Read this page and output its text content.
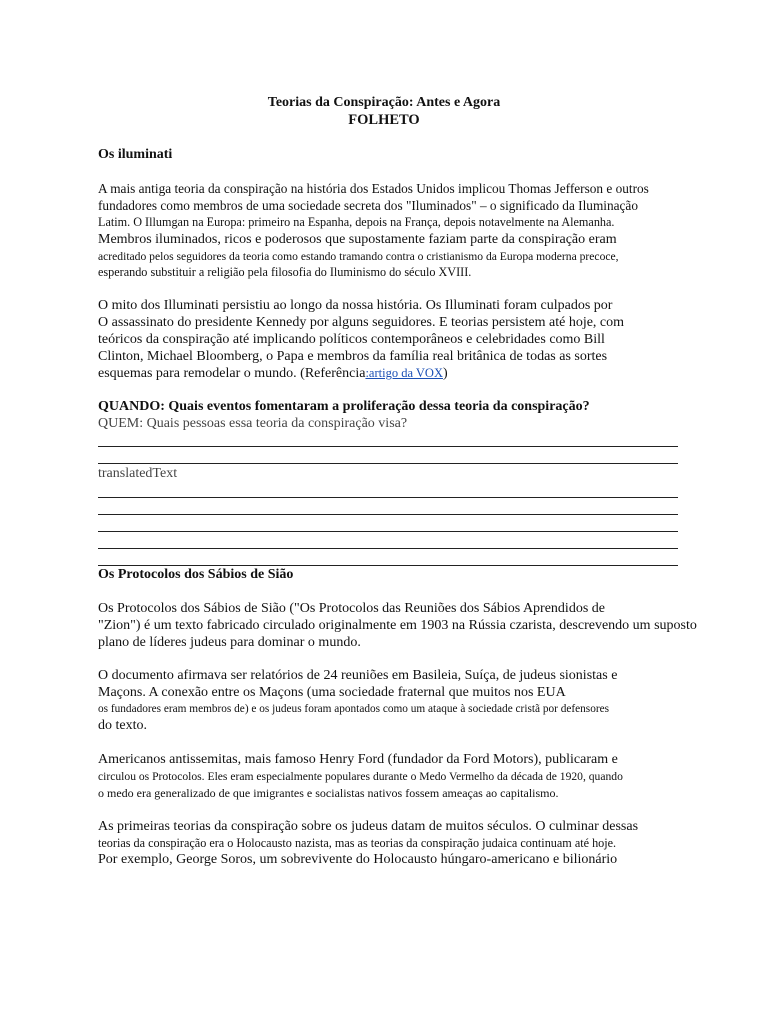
Teorias da Conspiração: Antes e Agora
FOLHETO
Os iluminati
A mais antiga teoria da conspiração na história dos Estados Unidos implicou Thomas Jefferson e outros
fundadores como membros de uma sociedade secreta dos "Iluminados" – o significado da Iluminação
Latim. O Illumgan na Europa: primeiro na Espanha, depois na França, depois notavelmente na Alemanha.
Membros iluminados, ricos e poderosos que supostamente faziam parte da conspiração eram
acreditado pelos seguidores da teoria como estando tramando contra o cristianismo da Europa moderna precoce,
esperando substituir a religião pela filosofia do Iluminismo do século XVIII.
O mito dos Illuminati persistiu ao longo da nossa história. Os Illuminati foram culpados por
O assassinato do presidente Kennedy por alguns seguidores. E teorias persistem até hoje, com
teóricos da conspiração até implicando políticos contemporâneos e celebridades como Bill
Clinton, Michael Bloomberg, o Papa e membros da família real britânica de todas as sortes
esquemas para remodelar o mundo. (Referência:artigo da VOX)
QUANDO: Quais eventos fomentaram a proliferação dessa teoria da conspiração?
QUEM: Quais pessoas essa teoria da conspiração visa?
translatedText
Os Protocolos dos Sábios de Sião
Os Protocolos dos Sábios de Sião ("Os Protocolos das Reuniões dos Sábios Aprendidos de
"Zion") é um texto fabricado circulado originalmente em 1903 na Rússia czarista, descrevendo um suposto
plano de líderes judeus para dominar o mundo.
O documento afirmava ser relatórios de 24 reuniões em Basileia, Suíça, de judeus sionistas e
Maçons. A conexão entre os Maçons (uma sociedade fraternal que muitos nos EUA
os fundadores eram membros de) e os judeus foram apontados como um ataque à sociedade cristã por defensores
do texto.
Americanos antissemitas, mais famoso Henry Ford (fundador da Ford Motors), publicaram e
circulou os Protocolos. Eles eram especialmente populares durante o Medo Vermelho da década de 1920, quando
o medo era generalizado de que imigrantes e socialistas nativos fossem ameaças ao capitalismo.
As primeiras teorias da conspiração sobre os judeus datam de muitos séculos. O culminar dessas
teorias da conspiração era o Holocausto nazista, mas as teorias da conspiração judaica continuam até hoje.
Por exemplo, George Soros, um sobrevivente do Holocausto húngaro-americano e bilionário
